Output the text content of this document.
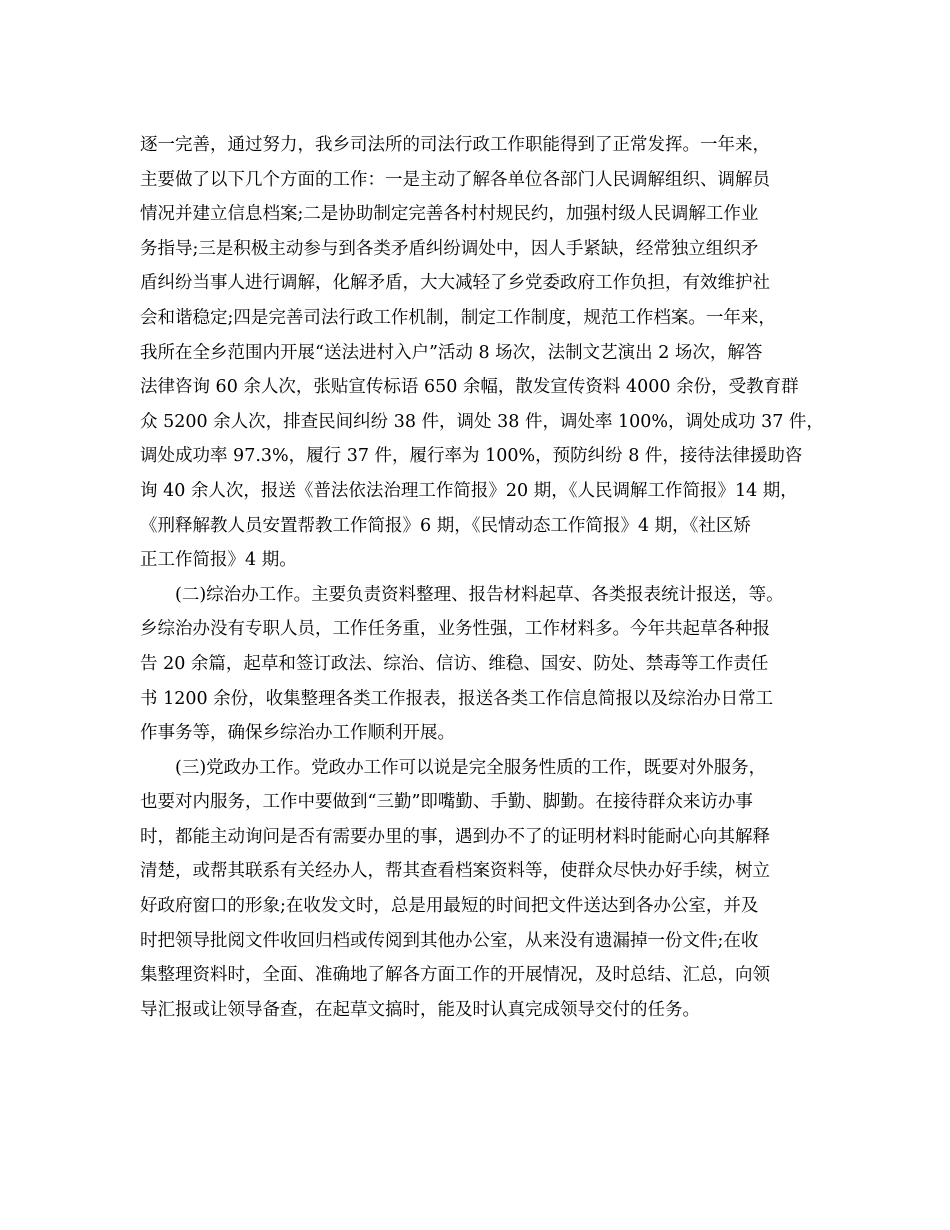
逐一完善，通过努力，我乡司法所的司法行政工作职能得到了正常发挥。一年来，
主要做了以下几个方面的工作：一是主动了解各单位各部门人民调解组织、调解员
情况并建立信息档案;二是协助制定完善各村村规民约，加强村级人民调解工作业
务指导;三是积极主动参与到各类矛盾纠纷调处中，因人手紧缺，经常独立组织矛
盾纠纷当事人进行调解，化解矛盾，大大减轻了乡党委政府工作负担，有效维护社
会和谐稳定;四是完善司法行政工作机制，制定工作制度，规范工作档案。一年来，
我所在全乡范围内开展“送法进村入户”活动 8 场次，法制文艺演出 2 场次，解答
法律咨询 60 余人次，张贴宣传标语 650 余幅，散发宣传资料 4000 余份，受教育群
众 5200 余人次，排查民间纠纷 38 件，调处 38 件，调处率 100%，调处成功 37 件，
调处成功率 97.3%，履行 37 件，履行率为 100%，预防纠纷 8 件，接待法律援助咨
询 40 余人次，报送《普法依法治理工作简报》20 期，《人民调解工作简报》14 期，
《刑释解教人员安置帮教工作简报》6 期，《民情动态工作简报》4 期，《社区矫
正工作简报》4 期。
(二)综治办工作。主要负责资料整理、报告材料起草、各类报表统计报送，等。
乡综治办没有专职人员，工作任务重，业务性强，工作材料多。今年共起草各种报
告 20 余篇，起草和签订政法、综治、信访、维稳、国安、防处、禁毒等工作责任
书 1200 余份，收集整理各类工作报表，报送各类工作信息简报以及综治办日常工
作事务等，确保乡综治办工作顺利开展。
(三)党政办工作。党政办工作可以说是完全服务性质的工作，既要对外服务，
也要对内服务，工作中要做到“三勤”即嘴勤、手勤、脚勤。在接待群众来访办事
时，都能主动询问是否有需要办里的事，遇到办不了的证明材料时能耐心向其解释
清楚，或帮其联系有关经办人，帮其查看档案资料等，使群众尽快办好手续，树立
好政府窗口的形象;在收发文时，总是用最短的时间把文件送达到各办公室，并及
时把领导批阅文件收回归档或传阅到其他办公室，从来没有遗漏掉一份文件;在收
集整理资料时，全面、准确地了解各方面工作的开展情况，及时总结、汇总，向领
导汇报或让领导备查，在起草文搞时，能及时认真完成领导交付的任务。
